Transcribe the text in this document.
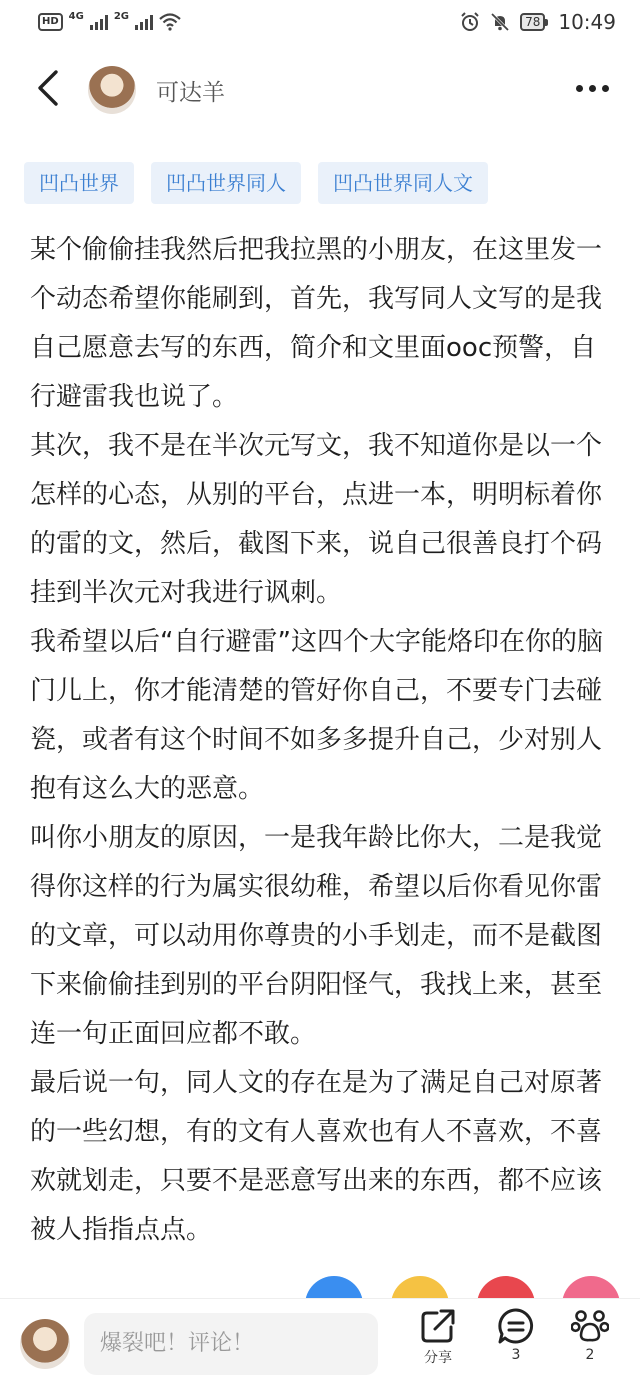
HD	4G	2G	78 10:49
可达羊
凹凸世界	凹凸世界同人	凹凸世界同人文

某个偷偷挂我然后把我拉黑的小朋友，在这里发一个动态希望你能刷到，首先，我写同人文写的是我自己愿意去写的东西，简介和文里面ooc预警，自行避雷我也说了。

其次，我不是在半次元写文，我不知道你是以一个怎样的心态，从别的平台，点进一本，明明标着你的雷的文，然后，截图下来，说自己很善良打个码挂到半次元对我进行讽刺。

我希望以后“自行避雷”这四个大字能烙印在你的脑门儿上，你才能清楚的管好你自己，不要专门去碰瓷，或者有这个时间不如多多提升自己，少对别人抱有这么大的恶意。

叫你小朋友的原因，一是我年龄比你大，二是我觉得你这样的行为属实很幼稚，希望以后你看见你雷的文章，可以动用你尊贵的小手划走，而不是截图下来偷偷挂到别的平台阴阳怪气，我找上来，甚至连一句正面回应都不敢。

最后说一句，同人文的存在是为了满足自己对原著的一些幻想，有的文有人喜欢也有人不喜欢，不喜欢就划走，只要不是恶意写出来的东西，都不应该被人指指点点。

爆裂吧！评论！
分享	3	2
